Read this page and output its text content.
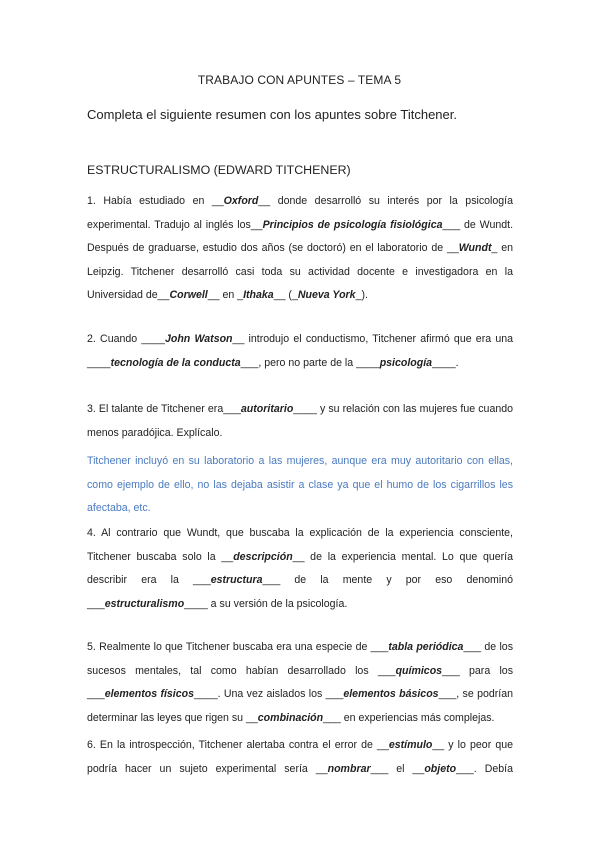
TRABAJO CON APUNTES – TEMA 5
Completa el siguiente resumen con los apuntes sobre Titchener.
ESTRUCTURALISMO (EDWARD TITCHENER)
1. Había estudiado en __Oxford__ donde desarrolló su interés por la psicología experimental. Tradujo al inglés los__Principios de psicología fisiológica___ de Wundt. Después de graduarse, estudio dos años (se doctoró) en el laboratorio de __Wundt_ en Leipzig. Titchener desarrolló casi toda su actividad docente e investigadora en la Universidad de__Corwell__ en _Ithaka__ (_Nueva York_).
2. Cuando ____John Watson__ introdujo el conductismo, Titchener afirmó que era una ____tecnología de la conducta___, pero no parte de la ____psicología____.
3. El talante de Titchener era___autoritario____ y su relación con las mujeres fue cuando menos paradójica. Explícalo.
Titchener incluyó en su laboratorio a las mujeres, aunque era muy autoritario con ellas, como ejemplo de ello, no las dejaba asistir a clase ya que el humo de los cigarrillos les afectaba, etc.
4. Al contrario que Wundt, que buscaba la explicación de la experiencia consciente, Titchener buscaba solo la __descripción__ de la experiencia mental. Lo que quería describir era la ___estructura___ de la mente y por eso denominó ___estructuralismo____ a su versión de la psicología.
5. Realmente lo que Titchener buscaba era una especie de ___tabla periódica___ de los sucesos mentales, tal como habían desarrollado los ___químicos___ para los ___elementos físicos____. Una vez aislados los ___elementos básicos___, se podrían determinar las leyes que rigen su __combinación___ en experiencias más complejas.
6. En la introspección, Titchener alertaba contra el error de __estímulo__ y lo peor que podría hacer un sujeto experimental sería __nombrar___ el __objeto___. Debía
